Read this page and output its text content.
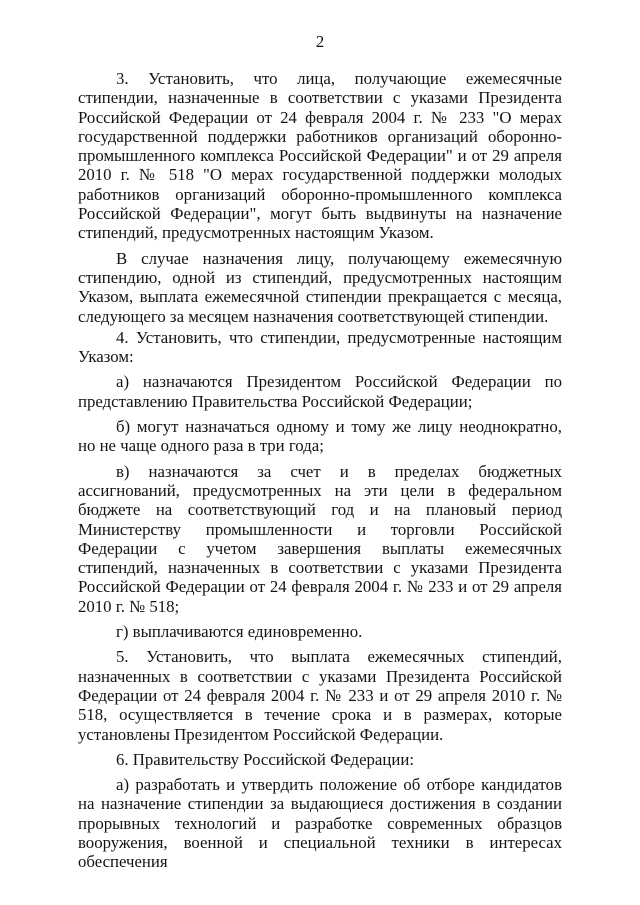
2

3. Установить, что лица, получающие ежемесячные стипендии, назначенные в соответствии с указами Президента Российской Федерации от 24 февраля 2004 г. № 233 "О мерах государственной поддержки работников организаций оборонно-промышленного комплекса Российской Федерации" и от 29 апреля 2010 г. № 518 "О мерах государственной поддержки молодых работников организаций оборонно-промышленного комплекса Российской Федерации", могут быть выдвинуты на назначение стипендий, предусмотренных настоящим Указом.

В случае назначения лицу, получающему ежемесячную стипендию, одной из стипендий, предусмотренных настоящим Указом, выплата ежемесячной стипендии прекращается с месяца, следующего за месяцем назначения соответствующей стипендии.

4. Установить, что стипендии, предусмотренные настоящим Указом:

а) назначаются Президентом Российской Федерации по представлению Правительства Российской Федерации;

б) могут назначаться одному и тому же лицу неоднократно, но не чаще одного раза в три года;

в) назначаются за счет и в пределах бюджетных ассигнований, предусмотренных на эти цели в федеральном бюджете на соответствующий год и на плановый период Министерству промышленности и торговли Российской Федерации с учетом завершения выплаты ежемесячных стипендий, назначенных в соответствии с указами Президента Российской Федерации от 24 февраля 2004 г. № 233 и от 29 апреля 2010 г. № 518;

г) выплачиваются единовременно.

5. Установить, что выплата ежемесячных стипендий, назначенных в соответствии с указами Президента Российской Федерации от 24 февраля 2004 г. № 233 и от 29 апреля 2010 г. № 518, осуществляется в течение срока и в размерах, которые установлены Президентом Российской Федерации.

6. Правительству Российской Федерации:

а) разработать и утвердить положение об отборе кандидатов на назначение стипендии за выдающиеся достижения в создании прорывных технологий и разработке современных образцов вооружения, военной и специальной техники в интересах обеспечения
